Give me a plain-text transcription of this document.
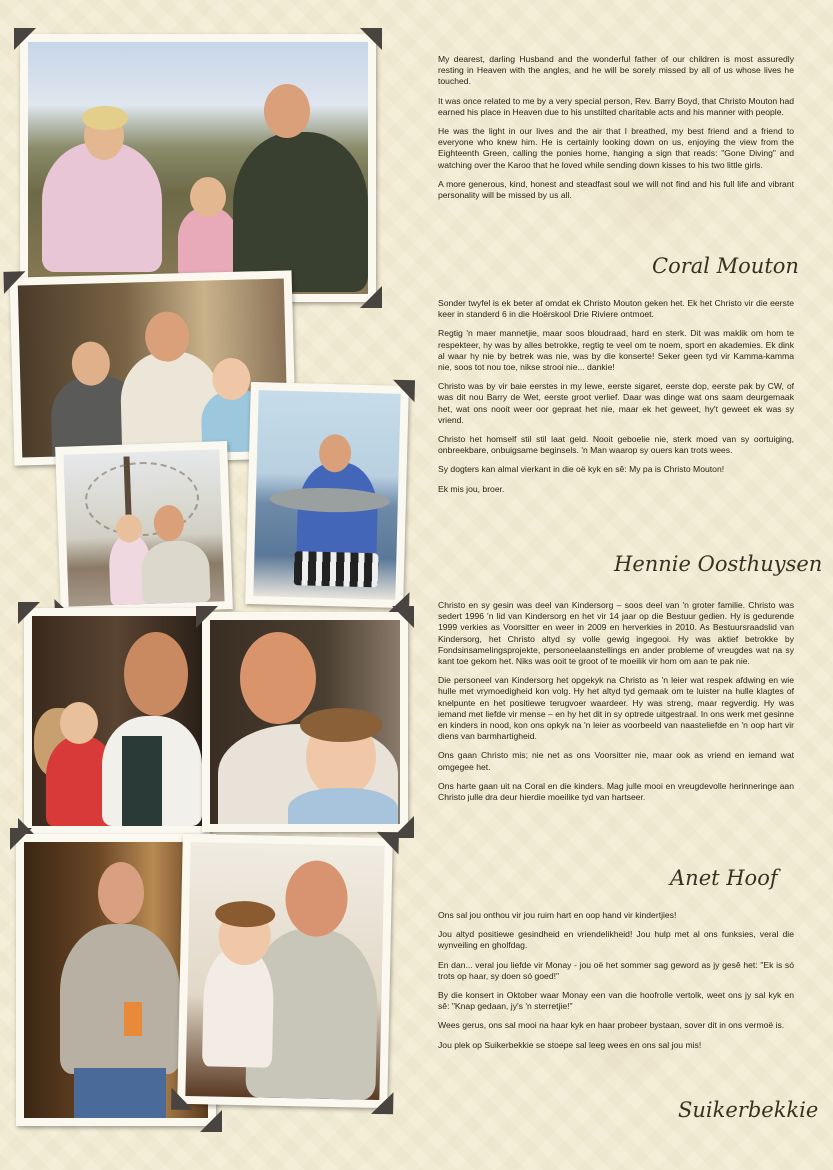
My dearest, darling Husband and the wonderful father of our children is most assuredly resting in Heaven with the angles, and he will be sorely missed by all of us whose lives he touched.

It was once related to me by a very special person, Rev. Barry Boyd, that Christo Mouton had earned his place in Heaven due to his unstilted charitable acts and his manner with people.

He was the light in our lives and the air that I breathed, my best friend and a friend to everyone who knew him. He is certainly looking down on us, enjoying the view from the Eighteenth Green, calling the ponies home, hanging a sign that reads: "Gone Diving" and watching over the Karoo that he loved while sending down kisses to his two little girls.

A more generous, kind, honest and steadfast soul we will not find and his full life and vibrant personality will be missed by us all.

Coral Mouton

Sonder twyfel is ek beter af omdat ek Christo Mouton geken het. Ek het Christo vir die eerste keer in standerd 6 in die Hoërskool Drie Riviere ontmoet.

Regtig 'n maer mannetjie, maar soos bloudraad, hard en sterk. Dit was maklik om hom te respekteer, hy was by alles betrokke, regtig te veel om te noem, sport en akademies. Ek dink al waar hy nie by betrek was nie, was by die konserte! Seker geen tyd vir Kamma-kamma nie, soos tot nou toe, nikse strooi nie... dankie!

Christo was by vir baie eerstes in my lewe, eerste sigaret, eerste dop, eerste pak by CW, of was dit nou Barry de Wet, eerste groot verlief. Daar was dinge wat ons saam deurgemaak het, wat ons nooit weer oor gepraat het nie, maar ek het geweet, hy't geweet ek was sy vriend.

Christo het homself stil stil laat geld. Nooit geboelie nie, sterk moed van sy oortuiging, onbreekbare, onbuigsame beginsels. 'n Man waarop sy ouers kan trots wees.

Sy dogters kan almal vierkant in die oë kyk en sê: My pa is Christo Mouton!

Ek mis jou, broer.

Hennie Oosthuysen

Christo en sy gesin was deel van Kindersorg – soos deel van 'n groter familie. Christo was sedert 1996 'n lid van Kindersorg en het vir 14 jaar op die Bestuur gedien. Hy is gedurende 1999 verkies as Voorsitter en weer in 2009 en herverkies in 2010. As Bestuursraadslid van Kindersorg, het Christo altyd sy volle gewig ingegooi. Hy was aktief betrokke by Fondsinsamelingsprojekte, personeelaanstellings en ander probleme of vreugdes wat na sy kant toe gekom het. Niks was ooit te groot of te moeilik vir hom om aan te pak nie.

Die personeel van Kindersorg het opgekyk na Christo as 'n leier wat respek afdwing en wie hulle met vrymoedigheid kon volg. Hy het altyd tyd gemaak om te luister na hulle klagtes of knelpunte en het positiewe terugvoer waardeer. Hy was streng, maar regverdig. Hy was iemand met liefde vir mense – en hy het dit in sy optrede uitgestraal. In ons werk met gesinne en kinders in nood, kon ons opkyk na 'n leier as voorbeeld van naasteliefde en 'n oop hart vir diens van barmhartigheid.

Ons gaan Christo mis; nie net as ons Voorsitter nie, maar ook as vriend en iemand wat omgegee het.

Ons harte gaan uit na Coral en die kinders. Mag julle mooi en vreugdevolle herinneringe aan Christo julle dra deur hierdie moeilike tyd van hartseer.

Anet Hoof

Ons sal jou onthou vir jou ruim hart en oop hand vir kindertjies!

Jou altyd positiewe gesindheid en vriendelikheid! Jou hulp met al ons funksies, veral die wynveiling en gholfdag.

En dan... veral jou liefde vir Monay - jou oë het sommer sag geword as jy gesê het: "Ek is só trots op haar, sy doen só goed!"

By die konsert in Oktober waar Monay een van die hoofrolle vertolk, weet ons jy sal kyk en sê: "Knap gedaan, jy's 'n sterretjie!"

Wees gerus, ons sal mooi na haar kyk en haar probeer bystaan, sover dit in ons vermoë is.

Jou plek op Suikerbekkie se stoepe sal leeg wees en ons sal jou mis!

Suikerbekkie
